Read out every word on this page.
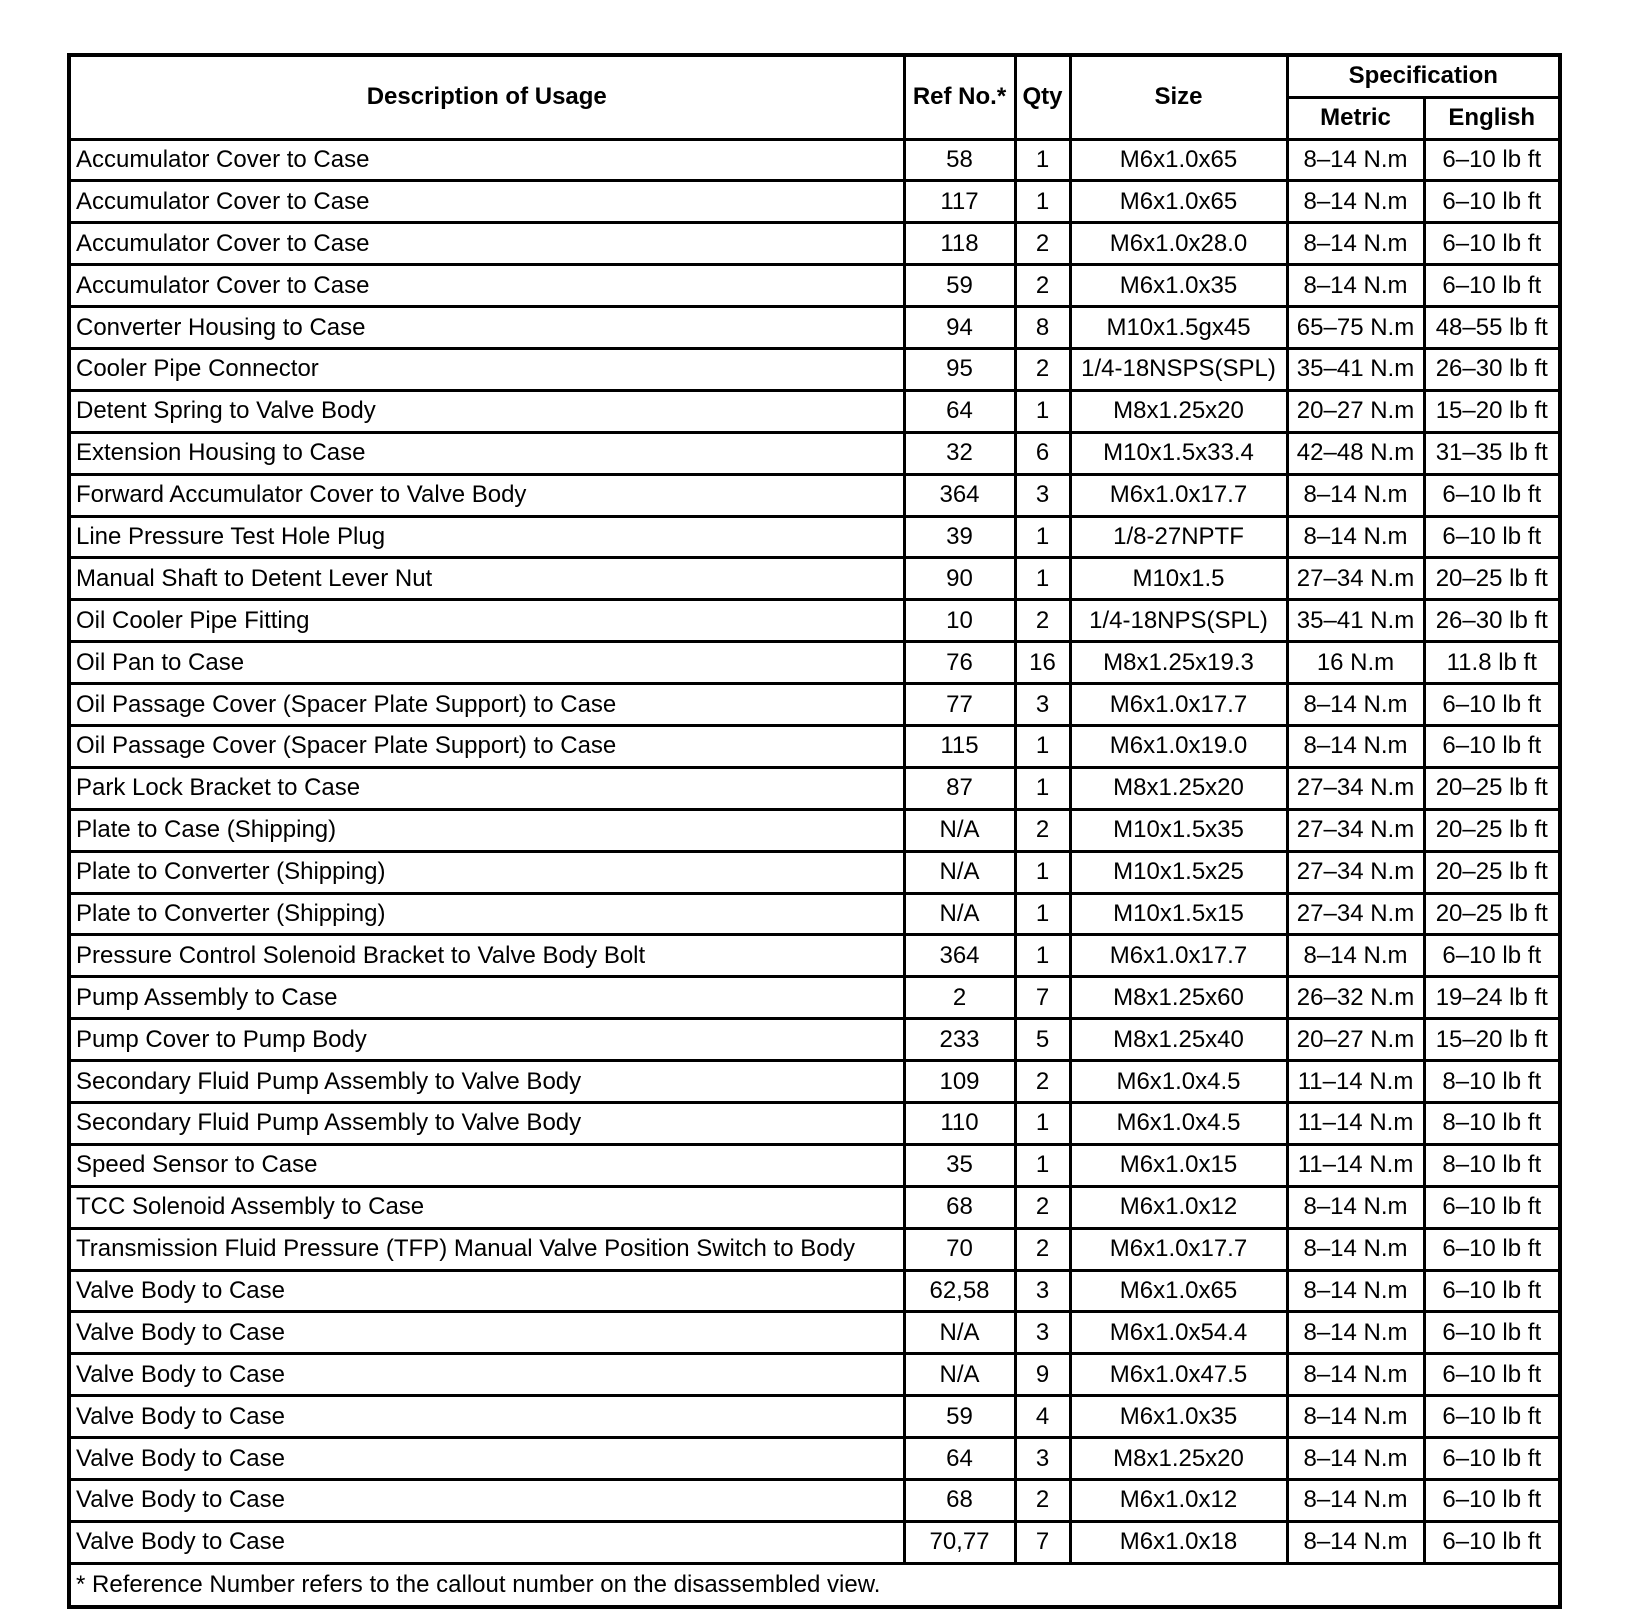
Description of Usage	Ref No.*	Qty	Size	Specification	
				Metric	English
Accumulator Cover to Case	58	1	M6x1.0x65	8–14 N.m	6–10 lb ft
Accumulator Cover to Case	117	1	M6x1.0x65	8–14 N.m	6–10 lb ft
Accumulator Cover to Case	118	2	M6x1.0x28.0	8–14 N.m	6–10 lb ft
Accumulator Cover to Case	59	2	M6x1.0x35	8–14 N.m	6–10 lb ft
Converter Housing to Case	94	8	M10x1.5gx45	65–75 N.m	48–55 lb ft
Cooler Pipe Connector	95	2	1/4-18NSPS(SPL)	35–41 N.m	26–30 lb ft
Detent Spring to Valve Body	64	1	M8x1.25x20	20–27 N.m	15–20 lb ft
Extension Housing to Case	32	6	M10x1.5x33.4	42–48 N.m	31–35 lb ft
Forward Accumulator Cover to Valve Body	364	3	M6x1.0x17.7	8–14 N.m	6–10 lb ft
Line Pressure Test Hole Plug	39	1	1/8-27NPTF	8–14 N.m	6–10 lb ft
Manual Shaft to Detent Lever Nut	90	1	M10x1.5	27–34 N.m	20–25 lb ft
Oil Cooler Pipe Fitting	10	2	1/4-18NPS(SPL)	35–41 N.m	26–30 lb ft
Oil Pan to Case	76	16	M8x1.25x19.3	16 N.m	11.8 lb ft
Oil Passage Cover (Spacer Plate Support) to Case	77	3	M6x1.0x17.7	8–14 N.m	6–10 lb ft
Oil Passage Cover (Spacer Plate Support) to Case	115	1	M6x1.0x19.0	8–14 N.m	6–10 lb ft
Park Lock Bracket to Case	87	1	M8x1.25x20	27–34 N.m	20–25 lb ft
Plate to Case (Shipping)	N/A	2	M10x1.5x35	27–34 N.m	20–25 lb ft
Plate to Converter (Shipping)	N/A	1	M10x1.5x25	27–34 N.m	20–25 lb ft
Plate to Converter (Shipping)	N/A	1	M10x1.5x15	27–34 N.m	20–25 lb ft
Pressure Control Solenoid Bracket to Valve Body Bolt	364	1	M6x1.0x17.7	8–14 N.m	6–10 lb ft
Pump Assembly to Case	2	7	M8x1.25x60	26–32 N.m	19–24 lb ft
Pump Cover to Pump Body	233	5	M8x1.25x40	20–27 N.m	15–20 lb ft
Secondary Fluid Pump Assembly to Valve Body	109	2	M6x1.0x4.5	11–14 N.m	8–10 lb ft
Secondary Fluid Pump Assembly to Valve Body	110	1	M6x1.0x4.5	11–14 N.m	8–10 lb ft
Speed Sensor to Case	35	1	M6x1.0x15	11–14 N.m	8–10 lb ft
TCC Solenoid Assembly to Case	68	2	M6x1.0x12	8–14 N.m	6–10 lb ft
Transmission Fluid Pressure (TFP) Manual Valve Position Switch to Body	70	2	M6x1.0x17.7	8–14 N.m	6–10 lb ft
Valve Body to Case	62,58	3	M6x1.0x65	8–14 N.m	6–10 lb ft
Valve Body to Case	N/A	3	M6x1.0x54.4	8–14 N.m	6–10 lb ft
Valve Body to Case	N/A	9	M6x1.0x47.5	8–14 N.m	6–10 lb ft
Valve Body to Case	59	4	M6x1.0x35	8–14 N.m	6–10 lb ft
Valve Body to Case	64	3	M8x1.25x20	8–14 N.m	6–10 lb ft
Valve Body to Case	68	2	M6x1.0x12	8–14 N.m	6–10 lb ft
Valve Body to Case	70,77	7	M6x1.0x18	8–14 N.m	6–10 lb ft
* Reference Number refers to the callout number on the disassembled view.					
